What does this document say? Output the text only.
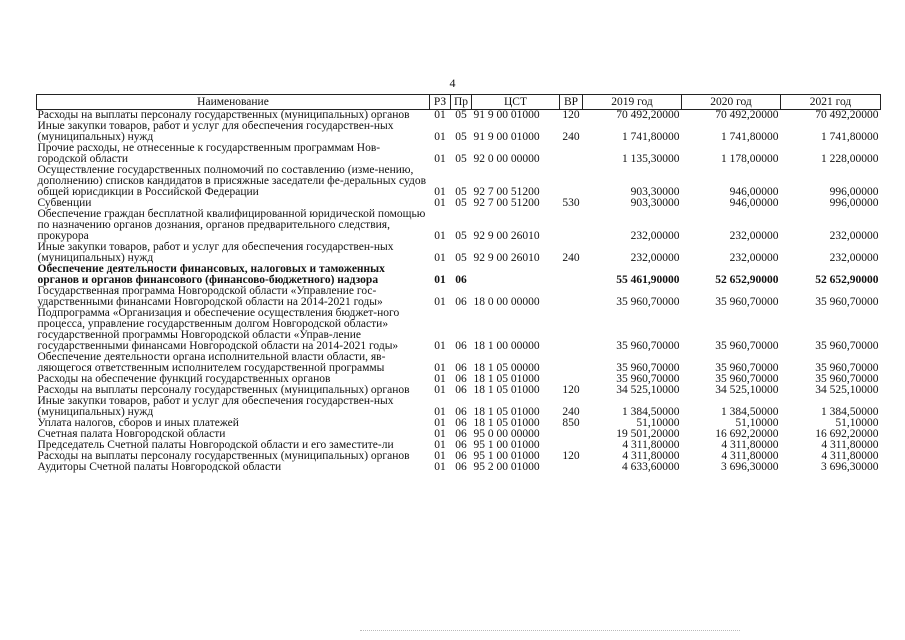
4
Наименование	РЗ	Пр	ЦСТ	ВР	2019 год	2020 год	2021 год
Расходы на выплаты персоналу государственных (муниципальных) органов	01	05	91 9 00 01000	120	70 492,20000	70 492,20000	70 492,20000
Иные закупки товаров, работ и услуг для обеспечения государствен-ных (муниципальных) нужд	01	05	91 9 00 01000	240	1 741,80000	1 741,80000	1 741,80000
Прочие расходы, не отнесенные к государственным программам Нов-городской области	01	05	92 0 00 00000		1 135,30000	1 178,00000	1 228,00000
Осуществление государственных полномочий по составлению (изме-нению, дополнению) списков кандидатов в присяжные заседатели фе-деральных судов общей юрисдикции в Российской Федерации	01	05	92 7 00 51200		903,30000	946,00000	996,00000
Субвенции	01	05	92 7 00 51200	530	903,30000	946,00000	996,00000
Обеспечение граждан бесплатной квалифицированной юридической помощью по назначению органов дознания, органов предварительного следствия, прокурора	01	05	92 9 00 26010		232,00000	232,00000	232,00000
Иные закупки товаров, работ и услуг для обеспечения государствен-ных (муниципальных) нужд	01	05	92 9 00 26010	240	232,00000	232,00000	232,00000
Обеспечение деятельности финансовых, налоговых и таможенных органов и органов финансового (финансово-бюджетного) надзора	01	06			55 461,90000	52 652,90000	52 652,90000
Государственная программа Новгородской области «Управление гос-ударственными финансами Новгородской области на 2014-2021 годы»	01	06	18 0 00 00000		35 960,70000	35 960,70000	35 960,70000
Подпрограмма «Организация и обеспечение осуществления бюджет-ного процесса, управление государственным долгом Новгородской области» государственной программы Новгородской области «Управ-ление государственными финансами Новгородской области на 2014-2021 годы»	01	06	18 1 00 00000		35 960,70000	35 960,70000	35 960,70000
Обеспечение деятельности органа исполнительной власти области, яв-ляющегося ответственным исполнителем государственной программы	01	06	18 1 05 00000		35 960,70000	35 960,70000	35 960,70000
Расходы на обеспечение функций государственных органов	01	06	18 1 05 01000		35 960,70000	35 960,70000	35 960,70000
Расходы на выплаты персоналу государственных (муниципальных) органов	01	06	18 1 05 01000	120	34 525,10000	34 525,10000	34 525,10000
Иные закупки товаров, работ и услуг для обеспечения государствен-ных (муниципальных) нужд	01	06	18 1 05 01000	240	1 384,50000	1 384,50000	1 384,50000
Уплата налогов, сборов и иных платежей	01	06	18 1 05 01000	850	51,10000	51,10000	51,10000
Счетная палата Новгородской области	01	06	95 0 00 00000		19 501,20000	16 692,20000	16 692,20000
Председатель Счетной палаты Новгородской области и его заместите-ли	01	06	95 1 00 01000		4 311,80000	4 311,80000	4 311,80000
Расходы на выплаты персоналу государственных (муниципальных) органов	01	06	95 1 00 01000	120	4 311,80000	4 311,80000	4 311,80000
Аудиторы Счетной палаты Новгородской области	01	06	95 2 00 01000		4 633,60000	3 696,30000	3 696,30000
